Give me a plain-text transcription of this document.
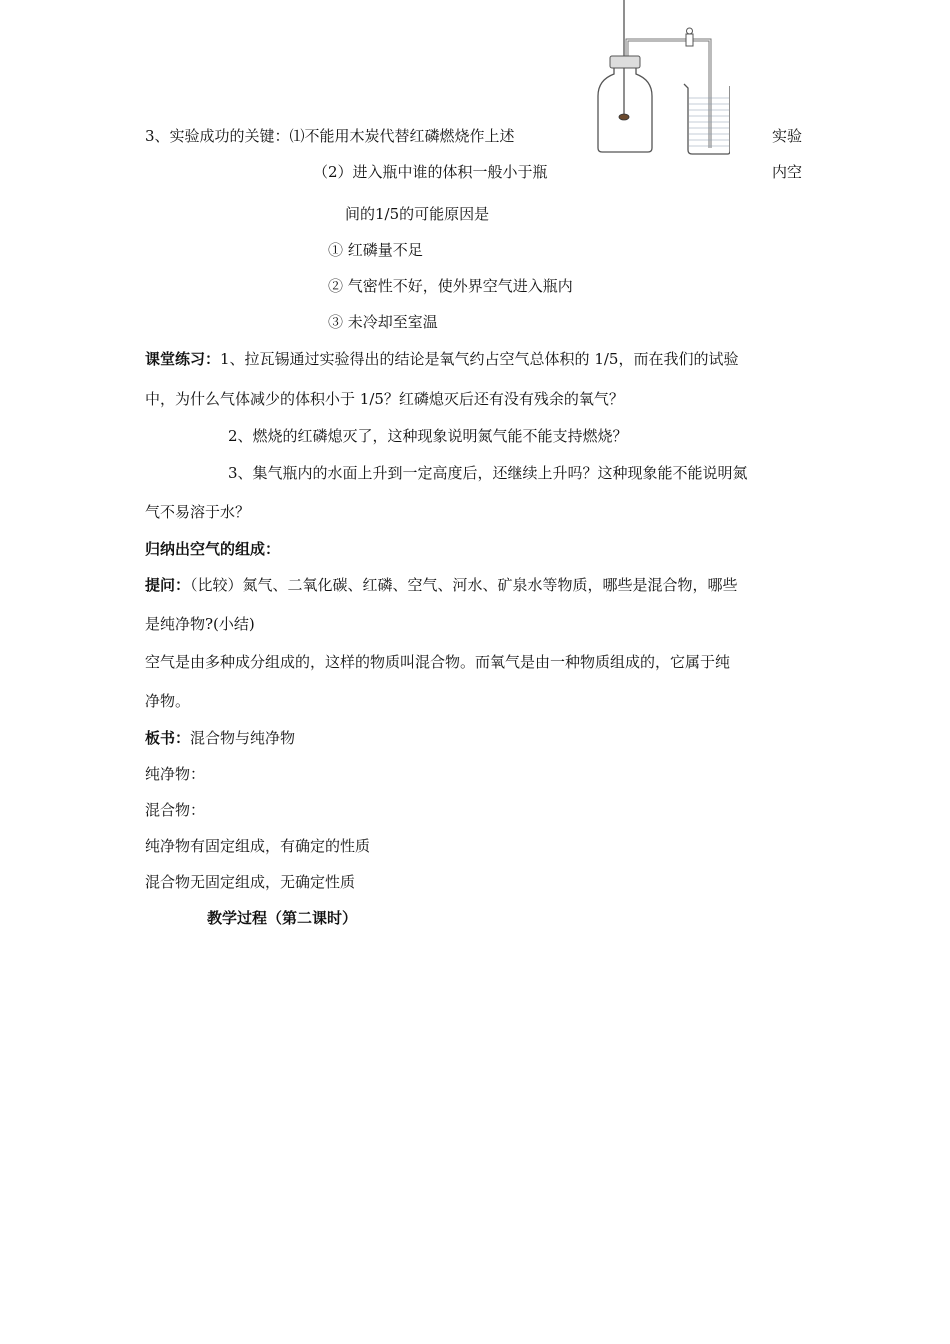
3、实验成功的关键：⑴不能用木炭代替红磷燃烧作上述	实验
（2）进入瓶中谁的体积一般小于瓶	内空
间的1/5的可能原因是
① 红磷量不足
② 气密性不好，使外界空气进入瓶内
③ 未冷却至室温
课堂练习：1、拉瓦锡通过实验得出的结论是氧气约占空气总体积的 1/5，而在我们的试验
中，为什么气体减少的体积小于 1/5？红磷熄灭后还有没有残余的氧气？
2、燃烧的红磷熄灭了，这种现象说明氮气能不能支持燃烧？
3、集气瓶内的水面上升到一定高度后，还继续上升吗？这种现象能不能说明氮
气不易溶于水？
归纳出空气的组成：
提问：（比较）氮气、二氧化碳、红磷、空气、河水、矿泉水等物质，哪些是混合物，哪些
是纯净物?(小结)
空气是由多种成分组成的，这样的物质叫混合物。而氧气是由一种物质组成的，它属于纯
净物。
板书：混合物与纯净物
纯净物：
混合物：
纯净物有固定组成，有确定的性质
混合物无固定组成，无确定性质
教学过程（第二课时）
